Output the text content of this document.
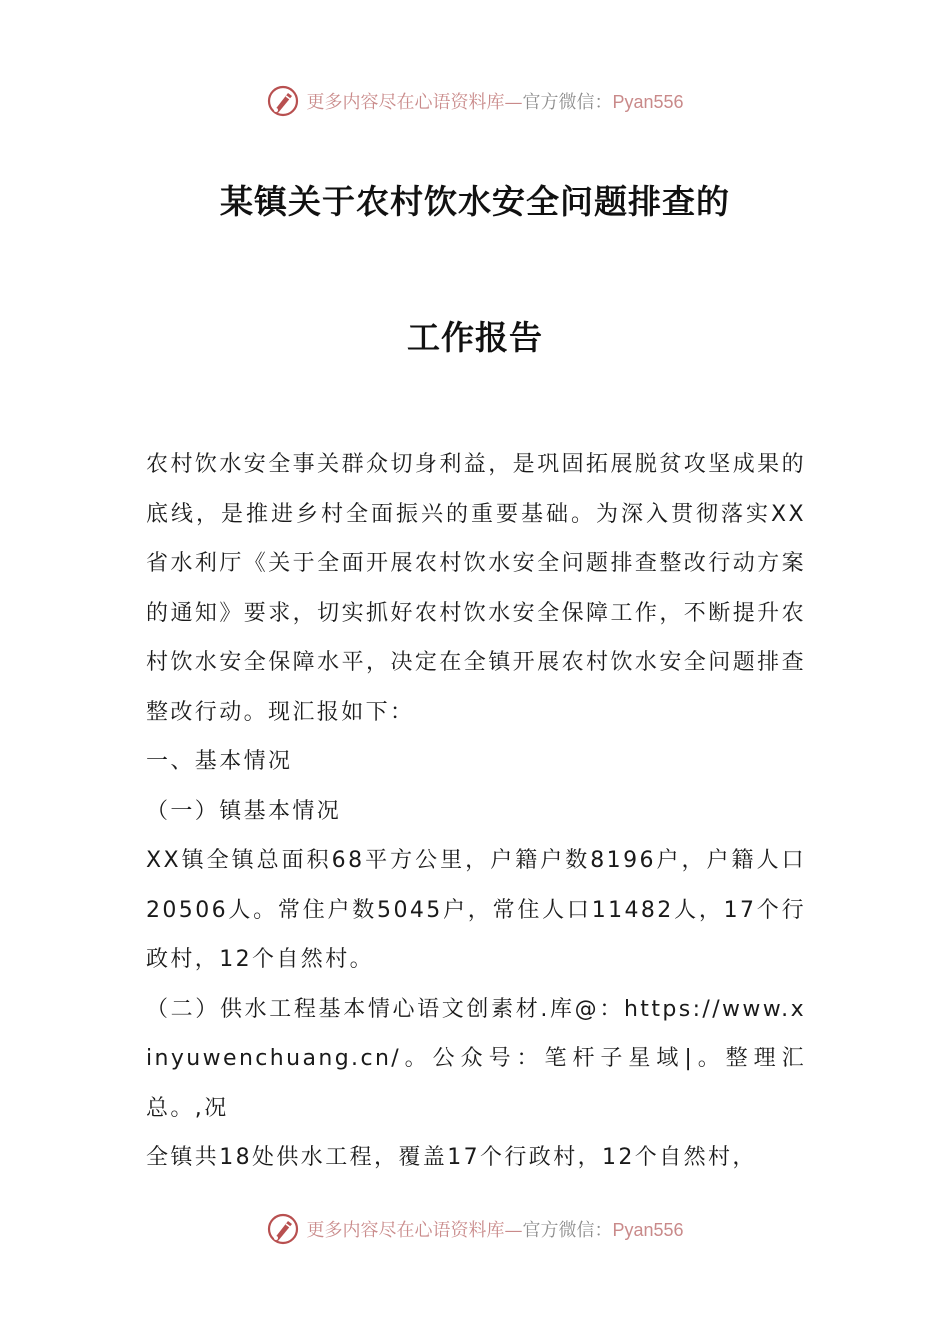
更多内容尽在心语资料库—官方微信：Pyan556
某镇关于农村饮水安全问题排查的
工作报告

农村饮水安全事关群众切身利益，是巩固拓展脱贫攻坚成果的底线，是推进乡村全面振兴的重要基础。为深入贯彻落实XX省水利厅《关于全面开展农村饮水安全问题排查整改行动方案的通知》要求，切实抓好农村饮水安全保障工作，不断提升农村饮水安全保障水平，决定在全镇开展农村饮水安全问题排查整改行动。现汇报如下：

一、基本情况

（一）镇基本情况

XX镇全镇总面积68平方公里，户籍户数8196户，户籍人口20506人。常住户数5045户，常住人口11482人，17个行政村，12个自然村。

（二）供水工程基本情心语文创素材.库@：https://www.xinyuwenchuang.cn/。公众号：笔杆子星域|。整理汇总。,况

全镇共18处供水工程，覆盖17个行政村，12个自然村，

更多内容尽在心语资料库—官方微信：Pyan556
